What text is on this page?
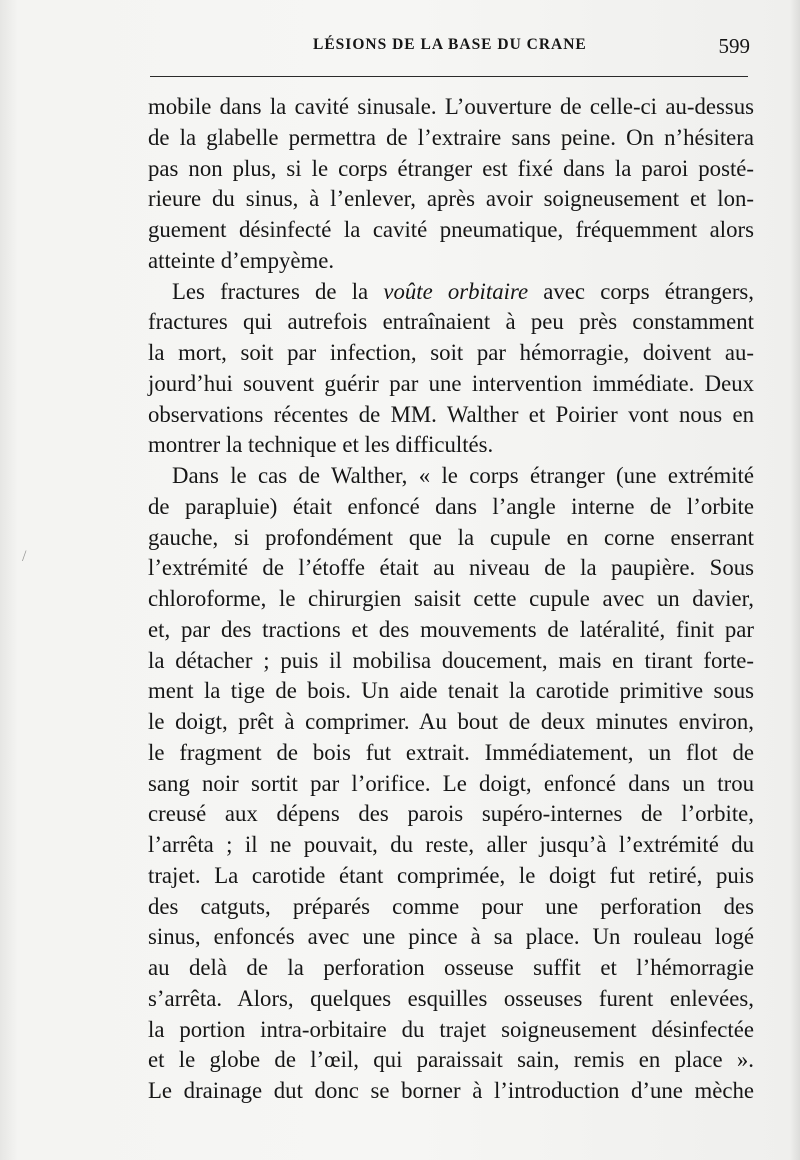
LÉSIONS DE LA BASE DU CRANE	599
/
mobile dans la cavité sinusale. L’ouverture de celle-ci au-dessus
de la glabelle permettra de l’extraire sans peine. On n’hésitera
pas non plus, si le corps étranger est fixé dans la paroi posté-
rieure du sinus, à l’enlever, après avoir soigneusement et lon-
guement désinfecté la cavité pneumatique, fréquemment alors
atteinte d’empyème.
Les fractures de la voûte orbitaire avec corps étrangers,
fractures qui autrefois entraînaient à peu près constamment
la mort, soit par infection, soit par hémorragie, doivent au-
jourd’hui souvent guérir par une intervention immédiate. Deux
observations récentes de MM. Walther et Poirier vont nous en
montrer la technique et les difficultés.
Dans le cas de Walther, « le corps étranger (une extrémité
de parapluie) était enfoncé dans l’angle interne de l’orbite
gauche, si profondément que la cupule en corne enserrant
l’extrémité de l’étoffe était au niveau de la paupière. Sous
chloroforme, le chirurgien saisit cette cupule avec un davier,
et, par des tractions et des mouvements de latéralité, finit par
la détacher ; puis il mobilisa doucement, mais en tirant forte-
ment la tige de bois. Un aide tenait la carotide primitive sous
le doigt, prêt à comprimer. Au bout de deux minutes environ,
le fragment de bois fut extrait. Immédiatement, un flot de
sang noir sortit par l’orifice. Le doigt, enfoncé dans un trou
creusé aux dépens des parois supéro-internes de l’orbite,
l’arrêta ; il ne pouvait, du reste, aller jusqu’à l’extrémité du
trajet. La carotide étant comprimée, le doigt fut retiré, puis
des catguts, préparés comme pour une perforation des
sinus, enfoncés avec une pince à sa place. Un rouleau logé
au delà de la perforation osseuse suffit et l’hémorragie
s’arrêta. Alors, quelques esquilles osseuses furent enlevées,
la portion intra-orbitaire du trajet soigneusement désinfectée
et le globe de l’œil, qui paraissait sain, remis en place ».
Le drainage dut donc se borner à l’introduction d’une mèche
